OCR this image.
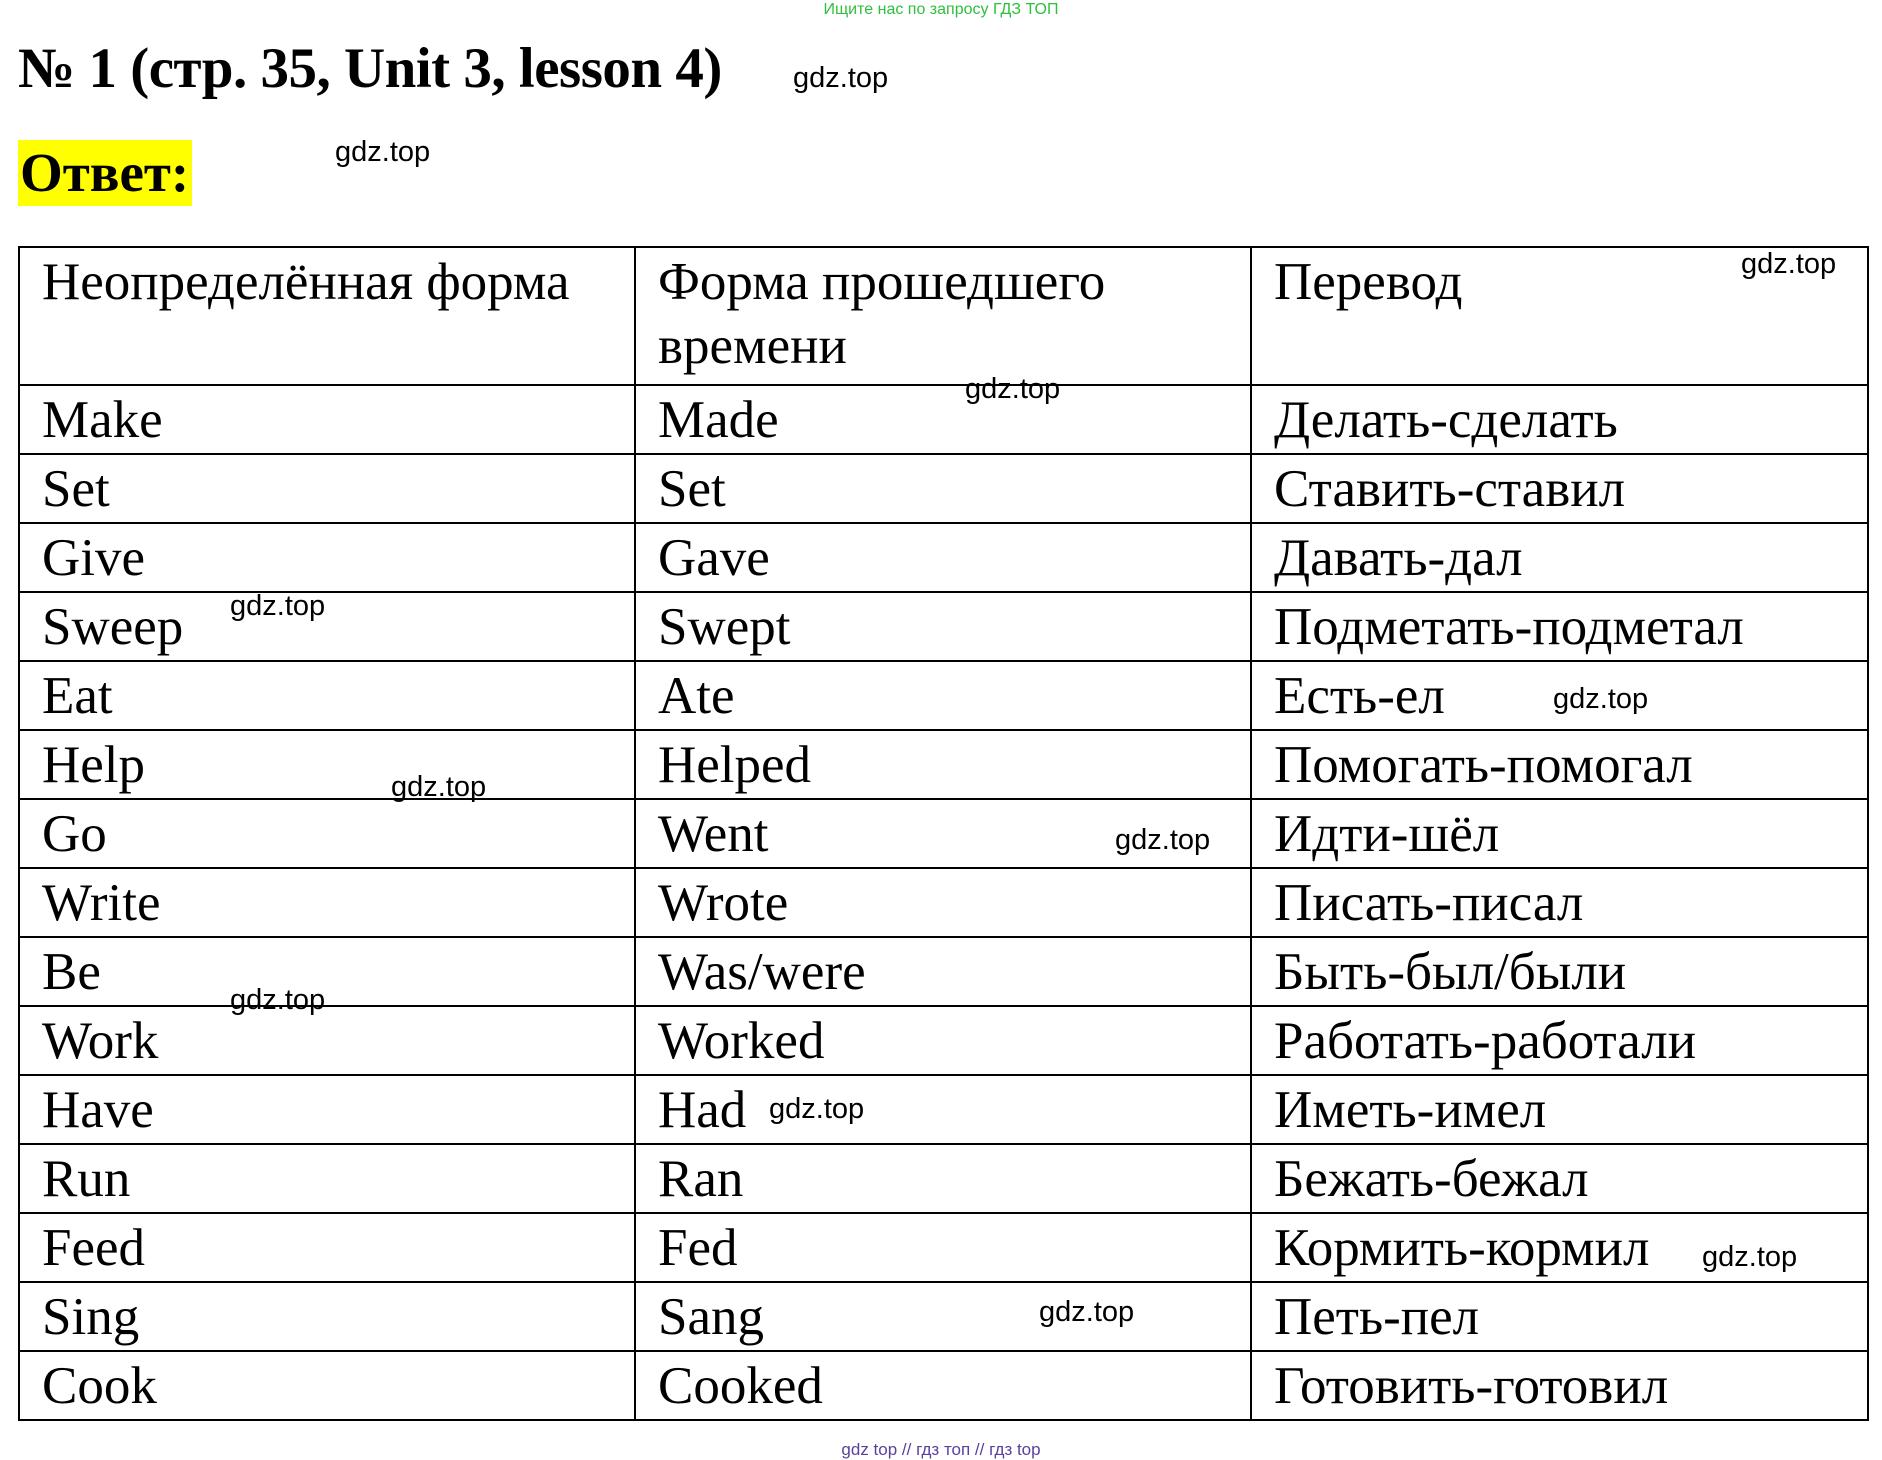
Ищите нас по запросу ГДЗ ТОП
№ 1 (стр. 35, Unit 3, lesson 4)
Ответ:
gdz.top
gdz.top
gdz.top
gdz.top
gdz.top
gdz.top
gdz.top
gdz.top
gdz.top
gdz.top
gdz.top
gdz.top
Неопределённая форма	Форма прошедшего времени	Перевод
Make	Made	Делать-сделать
Set	Set	Ставить-ставил
Give	Gave	Давать-дал
Sweep	Swept	Подметать-подметал
Eat	Ate	Есть-ел
Help	Helped	Помогать-помогал
Go	Went	Идти-шёл
Write	Wrote	Писать-писал
Be	Was/were	Быть-был/были
Work	Worked	Работать-работали
Have	Had	Иметь-имел
Run	Ran	Бежать-бежал
Feed	Fed	Кормить-кормил
Sing	Sang	Петь-пел
Cook	Cooked	Готовить-готовил
gdz top // гдз топ // гдз top
